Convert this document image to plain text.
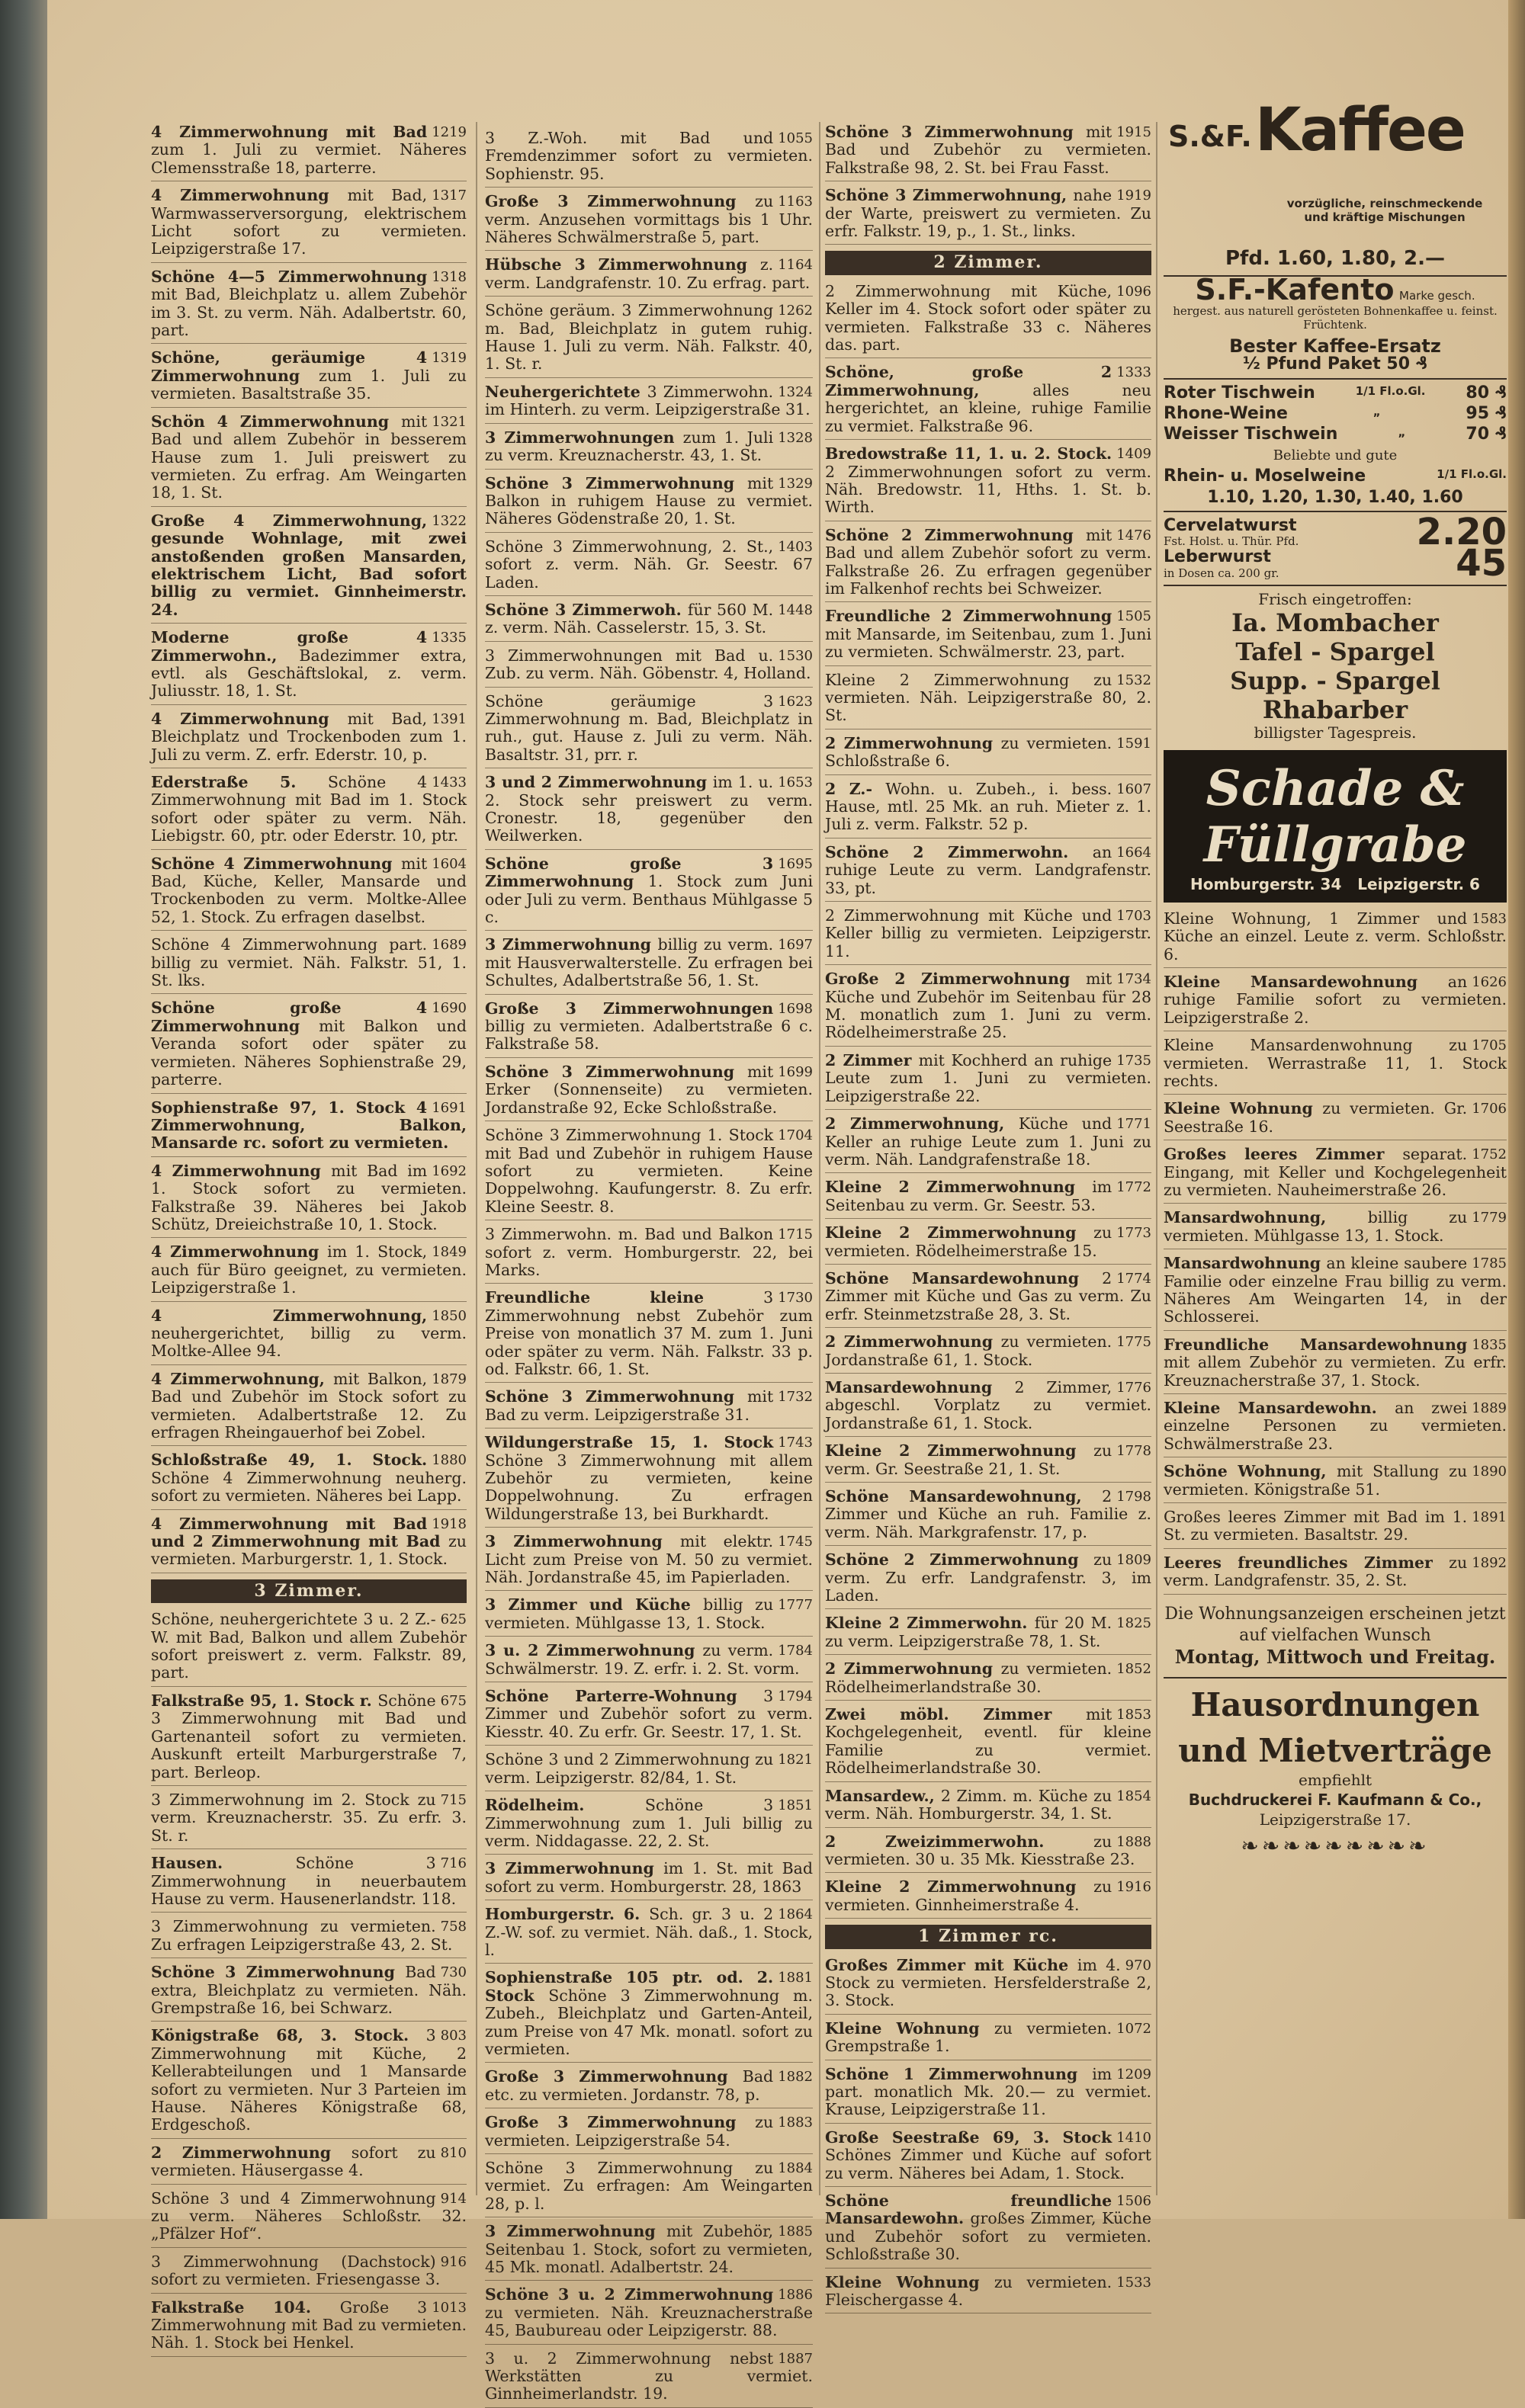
1219
4 Zimmerwohnung mit Bad zum 1. Juli zu vermiet. Näheres Clemensstraße 18, parterre.
1317
4 Zimmerwohnung mit Bad, Warmwasserversorgung, elektrischem Licht sofort zu vermieten. Leipzigerstraße 17.
1318
Schöne 4—5 Zimmerwohnung mit Bad, Bleichplatz u. allem Zubehör im 3. St. zu verm. Näh. Adalbertstr. 60, part.
1319
Schöne, geräumige 4 Zimmerwohnung zum 1. Juli zu vermieten. Basaltstraße 35.
1321
Schön 4 Zimmerwohnung mit Bad und allem Zubehör in besserem Hause zum 1. Juli preiswert zu vermieten. Zu erfrag. Am Weingarten 18, 1. St.
1322
Große 4 Zimmerwohnung, gesunde Wohnlage, mit zwei anstoßenden großen Mansarden, elektrischem Licht, Bad sofort billig zu vermiet. Ginnheimerstr. 24.
1335
Moderne große 4 Zimmerwohn., Badezimmer extra, evtl. als Geschäftslokal, z. verm. Juliusstr. 18, 1. St.
1391
4 Zimmerwohnung mit Bad, Bleichplatz und Trockenboden zum 1. Juli zu verm. Z. erfr. Ederstr. 10, p.
1433
Ederstraße 5. Schöne 4 Zimmerwohnung mit Bad im 1. Stock sofort oder später zu verm. Näh. Liebigstr. 60, ptr. oder Ederstr. 10, ptr.
1604
Schöne 4 Zimmerwohnung mit Bad, Küche, Keller, Mansarde und Trockenboden zu verm. Moltke-Allee 52, 1. Stock. Zu erfragen daselbst.
1689
Schöne 4 Zimmerwohnung part. billig zu vermiet. Näh. Falkstr. 51, 1. St. lks.
1690
Schöne große 4 Zimmerwohnung mit Balkon und Veranda sofort oder später zu vermieten. Näheres Sophienstraße 29, parterre.
1691
Sophienstraße 97, 1. Stock 4 Zimmerwohnung, Balkon, Mansarde rc. sofort zu vermieten.
1692
4 Zimmerwohnung mit Bad im 1. Stock sofort zu vermieten. Falkstraße 39. Näheres bei Jakob Schütz, Dreieichstraße 10, 1. Stock.
1849
4 Zimmerwohnung im 1. Stock, auch für Büro geeignet, zu vermieten. Leipzigerstraße 1.
1850
4 Zimmerwohnung, neuhergerichtet, billig zu verm. Moltke-Allee 94.
1879
4 Zimmerwohnung, mit Balkon, Bad und Zubehör im Stock sofort zu vermieten. Adalbertstraße 12. Zu erfragen Rheingauerhof bei Zobel.
1880
Schloßstraße 49, 1. Stock. Schöne 4 Zimmerwohnung neuherg. sofort zu vermieten. Näheres bei Lapp.
1918
4 Zimmerwohnung mit Bad und 2 Zimmerwohnung mit Bad zu vermieten. Marburgerstr. 1, 1. Stock.
3 Zimmer.
625
Schöne, neuhergerichtete 3 u. 2 Z.-W. mit Bad, Balkon und allem Zubehör sofort preiswert z. verm. Falkstr. 89, part.
675
Falkstraße 95, 1. Stock r. Schöne 3 Zimmerwohnung mit Bad und Gartenanteil sofort zu vermieten. Auskunft erteilt Marburgerstraße 7, part. Berleop.
715
3 Zimmerwohnung im 2. Stock zu verm. Kreuznacherstr. 35. Zu erfr. 3. St. r.
716
Hausen. Schöne 3 Zimmerwohnung in neuerbautem Hause zu verm. Hausenerlandstr. 118.
758
3 Zimmerwohnung zu vermieten. Zu erfragen Leipzigerstraße 43, 2. St.
730
Schöne 3 Zimmerwohnung Bad extra, Bleichplatz zu vermieten. Näh. Grempstraße 16, bei Schwarz.
803
Königstraße 68, 3. Stock. 3 Zimmerwohnung mit Küche, 2 Kellerabteilungen und 1 Mansarde sofort zu vermieten. Nur 3 Parteien im Hause. Näheres Königstraße 68, Erdgeschoß.
810
2 Zimmerwohnung sofort zu vermieten. Häusergasse 4.
914
Schöne 3 und 4 Zimmerwohnung zu verm. Näheres Schloßstr. 32. „Pfälzer Hof“.
916
3 Zimmerwohnung (Dachstock) sofort zu vermieten. Friesengasse 3.
1013
Falkstraße 104. Große 3 Zimmerwohnung mit Bad zu vermieten. Näh. 1. Stock bei Henkel.
1055
3 Z.-Woh. mit Bad und Fremdenzimmer sofort zu vermieten. Sophienstr. 95.
1163
Große 3 Zimmerwohnung zu verm. Anzusehen vormittags bis 1 Uhr. Näheres Schwälmerstraße 5, part.
1164
Hübsche 3 Zimmerwohnung z. verm. Landgrafenstr. 10. Zu erfrag. part.
1262
Schöne geräum. 3 Zimmerwohnung m. Bad, Bleichplatz in gutem ruhig. Hause 1. Juli zu verm. Näh. Falkstr. 40, 1. St. r.
1324
Neuhergerichtete 3 Zimmerwohn. im Hinterh. zu verm. Leipzigerstraße 31.
1328
3 Zimmerwohnungen zum 1. Juli zu verm. Kreuznacherstr. 43, 1. St.
1329
Schöne 3 Zimmerwohnung mit Balkon in ruhigem Hause zu vermiet. Näheres Gödenstraße 20, 1. St.
1403
Schöne 3 Zimmerwohnung, 2. St., sofort z. verm. Näh. Gr. Seestr. 67 Laden.
1448
Schöne 3 Zimmerwoh. für 560 M. z. verm. Näh. Casselerstr. 15, 3. St.
1530
3 Zimmerwohnungen mit Bad u. Zub. zu verm. Näh. Göbenstr. 4, Holland.
1623
Schöne geräumige 3 Zimmerwohnung m. Bad, Bleichplatz in ruh., gut. Hause z. Juli zu verm. Näh. Basaltstr. 31, prr. r.
1653
3 und 2 Zimmerwohnung im 1. u. 2. Stock sehr preiswert zu verm. Cronestr. 18, gegenüber den Weilwerken.
1695
Schöne große 3 Zimmerwohnung 1. Stock zum Juni oder Juli zu verm. Benthaus Mühlgasse 5 c.
1697
3 Zimmerwohnung billig zu verm. mit Hausverwalterstelle. Zu erfragen bei Schultes, Adalbertstraße 56, 1. St.
1698
Große 3 Zimmerwohnungen billig zu vermieten. Adalbertstraße 6 c. Falkstraße 58.
1699
Schöne 3 Zimmerwohnung mit Erker (Sonnenseite) zu vermieten. Jordanstraße 92, Ecke Schloßstraße.
1704
Schöne 3 Zimmerwohnung 1. Stock mit Bad und Zubehör in ruhigem Hause sofort zu vermieten. Keine Doppelwohng. Kaufungerstr. 8. Zu erfr. Kleine Seestr. 8.
1715
3 Zimmerwohn. m. Bad und Balkon sofort z. verm. Homburgerstr. 22, bei Marks.
1730
Freundliche kleine 3 Zimmerwohnung nebst Zubehör zum Preise von monatlich 37 M. zum 1. Juni oder später zu verm. Näh. Falkstr. 33 p. od. Falkstr. 66, 1. St.
1732
Schöne 3 Zimmerwohnung mit Bad zu verm. Leipzigerstraße 31.
1743
Wildungerstraße 15, 1. Stock Schöne 3 Zimmerwohnung mit allem Zubehör zu vermieten, keine Doppelwohnung. Zu erfragen Wildungerstraße 13, bei Burkhardt.
1745
3 Zimmerwohnung mit elektr. Licht zum Preise von M. 50 zu vermiet. Näh. Jordanstraße 45, im Papierladen.
1777
3 Zimmer und Küche billig zu vermieten. Mühlgasse 13, 1. Stock.
1784
3 u. 2 Zimmerwohnung zu verm. Schwälmerstr. 19. Z. erfr. i. 2. St. vorm.
1794
Schöne Parterre-Wohnung 3 Zimmer und Zubehör sofort zu verm. Kiesstr. 40. Zu erfr. Gr. Seestr. 17, 1. St.
1821
Schöne 3 und 2 Zimmerwohnung zu verm. Leipzigerstr. 82/84, 1. St.
1851
Rödelheim. Schöne 3 Zimmerwohnung zum 1. Juli billig zu verm. Niddagasse. 22, 2. St.
3 Zimmerwohnung im 1. St. mit Bad sofort zu verm. Homburgerstr. 28, 1863
1864
Homburgerstr. 6. Sch. gr. 3 u. 2 Z.-W. sof. zu vermiet. Näh. daß., 1. Stock, l.
1881
Sophienstraße 105 ptr. od. 2. Stock Schöne 3 Zimmerwohnung m. Zubeh., Bleichplatz und Garten-Anteil, zum Preise von 47 Mk. monatl. sofort zu vermieten.
1882
Große 3 Zimmerwohnung Bad etc. zu vermieten. Jordanstr. 78, p.
1883
Große 3 Zimmerwohnung zu vermieten. Leipzigerstraße 54.
1884
Schöne 3 Zimmerwohnung zu vermiet. Zu erfragen: Am Weingarten 28, p. l.
1885
3 Zimmerwohnung mit Zubehör, Seitenbau 1. Stock, sofort zu vermieten, 45 Mk. monatl. Adalbertstr. 24.
1886
Schöne 3 u. 2 Zimmerwohnung zu vermieten. Näh. Kreuznacherstraße 45, Baubureau oder Leipzigerstr. 88.
1887
3 u. 2 Zimmerwohnung nebst Werkstätten zu vermiet. Ginnheimerlandstr. 19.
1915
Schöne 3 Zimmerwohnung mit Bad und Zubehör zu vermieten. Falkstraße 98, 2. St. bei Frau Fasst.
1919
Schöne 3 Zimmerwohnung, nahe der Warte, preiswert zu vermieten. Zu erfr. Falkstr. 19, p., 1. St., links.
2 Zimmer.
1096
2 Zimmerwohnung mit Küche, Keller im 4. Stock sofort oder später zu vermieten. Falkstraße 33 c. Näheres das. part.
1333
Schöne, große 2 Zimmerwohnung, alles neu hergerichtet, an kleine, ruhige Familie zu vermiet. Falkstraße 96.
1409
Bredowstraße 11, 1. u. 2. Stock. 2 Zimmerwohnungen sofort zu verm. Näh. Bredowstr. 11, Hths. 1. St. b. Wirth.
1476
Schöne 2 Zimmerwohnung mit Bad und allem Zubehör sofort zu verm. Falkstraße 26. Zu erfragen gegenüber im Falkenhof rechts bei Schweizer.
1505
Freundliche 2 Zimmerwohnung mit Mansarde, im Seitenbau, zum 1. Juni zu vermieten. Schwälmerstr. 23, part.
1532
Kleine 2 Zimmerwohnung zu vermieten. Näh. Leipzigerstraße 80, 2. St.
1591
2 Zimmerwohnung zu vermieten. Schloßstraße 6.
1607
2 Z.- Wohn. u. Zubeh., i. bess. Hause, mtl. 25 Mk. an ruh. Mieter z. 1. Juli z. verm. Falkstr. 52 p.
1664
Schöne 2 Zimmerwohn. an ruhige Leute zu verm. Landgrafenstr. 33, pt.
1703
2 Zimmerwohnung mit Küche und Keller billig zu vermieten. Leipzigerstr. 11.
1734
Große 2 Zimmerwohnung mit Küche und Zubehör im Seitenbau für 28 M. monatlich zum 1. Juni zu verm. Rödelheimerstraße 25.
1735
2 Zimmer mit Kochherd an ruhige Leute zum 1. Juni zu vermieten. Leipzigerstraße 22.
1771
2 Zimmerwohnung, Küche und Keller an ruhige Leute zum 1. Juni zu verm. Näh. Landgrafenstraße 18.
1772
Kleine 2 Zimmerwohnung im Seitenbau zu verm. Gr. Seestr. 53.
1773
Kleine 2 Zimmerwohnung zu vermieten. Rödelheimerstraße 15.
1774
Schöne Mansardewohnung 2 Zimmer mit Küche und Gas zu verm. Zu erfr. Steinmetzstraße 28, 3. St.
1775
2 Zimmerwohnung zu vermieten. Jordanstraße 61, 1. Stock.
1776
Mansardewohnung 2 Zimmer, abgeschl. Vorplatz zu vermiet. Jordanstraße 61, 1. Stock.
1778
Kleine 2 Zimmerwohnung zu verm. Gr. Seestraße 21, 1. St.
1798
Schöne Mansardewohnung, 2 Zimmer und Küche an ruh. Familie z. verm. Näh. Markgrafenstr. 17, p.
1809
Schöne 2 Zimmerwohnung zu verm. Zu erfr. Landgrafenstr. 3, im Laden.
1825
Kleine 2 Zimmerwohn. für 20 M. zu verm. Leipzigerstraße 78, 1. St.
1852
2 Zimmerwohnung zu vermieten. Rödelheimerlandstraße 30.
1853
Zwei möbl. Zimmer mit Kochgelegenheit, eventl. für kleine Familie zu vermiet. Rödelheimerlandstraße 30.
1854
Mansardew., 2 Zimm. m. Küche zu verm. Näh. Homburgerstr. 34, 1. St.
1888
2 Zweizimmerwohn. zu vermieten. 30 u. 35 Mk. Kiesstraße 23.
1916
Kleine 2 Zimmerwohnung zu vermieten. Ginnheimerstraße 4.
1 Zimmer rc.
970
Großes Zimmer mit Küche im 4. Stock zu vermieten. Hersfelderstraße 2, 3. Stock.
1072
Kleine Wohnung zu vermieten. Grempstraße 1.
1209
Schöne 1 Zimmerwohnung im part. monatlich Mk. 20.— zu vermiet. Krause, Leipzigerstraße 11.
1410
Große Seestraße 69, 3. Stock Schönes Zimmer und Küche auf sofort zu verm. Näheres bei Adam, 1. Stock.
1506
Schöne freundliche Mansardewohn. großes Zimmer, Küche und Zubehör sofort zu vermieten. Schloßstraße 30.
1533
Kleine Wohnung zu vermieten. Fleischergasse 4.
S.&F. Kaffee
vorzügliche, reinschmeckende und kräftige Mischungen
Pfd. 1.60, 1.80, 2.—
S.F.-Kafento Marke gesch.
hergest. aus naturell gerösteten Bohnenkaffee u. feinst. Früchtenk.
Bester Kaffee-Ersatz
½ Pfund Paket 50 ₰
Roter Tischwein	1/1 Fl.o.Gl. 80 ₰
Rhone-Weine	„	95 ₰
Weisser Tischwein	„	70 ₰
Beliebte und gute
Rhein- u. Moselweine	1/1 Fl.o.Gl.
1.10, 1.20, 1.30, 1.40, 1.60
Cervelatwurst
Fst. Holst. u. Thür. Pfd.	2.20
Leberwurst
in Dosen ca. 200 gr.	45
Frisch eingetroffen:
Ia. Mombacher
Tafel - Spargel
Supp. - Spargel
Rhabarber
billigster Tagespreis.
Schade &
Füllgrabe
Homburgerstr. 34 Leipzigerstr. 6
1583
Kleine Wohnung, 1 Zimmer und Küche an einzel. Leute z. verm. Schloßstr. 6.
1626
Kleine Mansardewohnung an ruhige Familie sofort zu vermieten. Leipzigerstraße 2.
1705
Kleine Mansardenwohnung zu vermieten. Werrastraße 11, 1. Stock rechts.
1706
Kleine Wohnung zu vermieten. Gr. Seestraße 16.
1752
Großes leeres Zimmer separat. Eingang, mit Keller und Kochgelegenheit zu vermieten. Nauheimerstraße 26.
1779
Mansardwohnung, billig zu vermieten. Mühlgasse 13, 1. Stock.
1785
Mansardwohnung an kleine saubere Familie oder einzelne Frau billig zu verm. Näheres Am Weingarten 14, in der Schlosserei.
1835
Freundliche Mansardewohnung mit allem Zubehör zu vermieten. Zu erfr. Kreuznacherstraße 37, 1. Stock.
1889
Kleine Mansardewohn. an zwei einzelne Personen zu vermieten. Schwälmerstraße 23.
1890
Schöne Wohnung, mit Stallung zu vermieten. Königstraße 51.
1891
Großes leeres Zimmer mit Bad im 1. St. zu vermieten. Basaltstr. 29.
1892
Leeres freundliches Zimmer zu verm. Landgrafenstr. 35, 2. St.
Die Wohnungsanzeigen erscheinen jetzt auf vielfachen Wunsch
Montag, Mittwoch und Freitag.
Hausordnungen
und Mietverträge
empfiehlt
Buchdruckerei F. Kaufmann & Co.,
Leipzigerstraße 17.
❧❧❧❧❧❧❧❧❧
